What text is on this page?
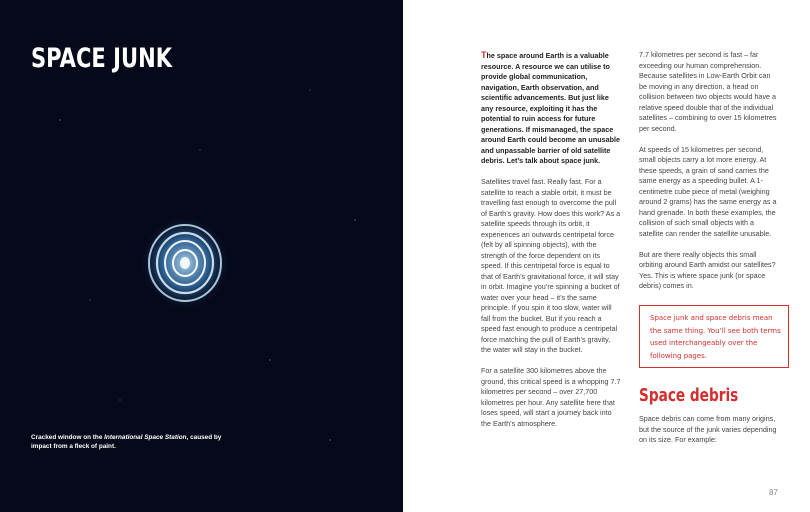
SPACE JUNK
Cracked window on the International Space Station, caused by impact from a fleck of paint.

The space around Earth is a valuable resource. A resource we can utilise to provide global communication, navigation, Earth observation, and scientific advancements. But just like any resource, exploiting it has the potential to ruin access for future generations. If mismanaged, the space around Earth could become an unusable and unpassable barrier of old satellite debris. Let’s talk about space junk.

Satellites travel fast. Really fast. For a satellite to reach a stable orbit, it must be travelling fast enough to overcome the pull of Earth’s gravity. How does this work? As a satellite speeds through its orbit, it experiences an outwards centripetal force (felt by all spinning objects), with the strength of the force dependent on its speed. If this centripetal force is equal to that of Earth’s gravitational force, it will stay in orbit. Imagine you’re spinning a bucket of water over your head – it’s the same principle. If you spin it too slow, water will fall from the bucket. But if you reach a speed fast enough to produce a centripetal force matching the pull of Earth’s gravity, the water will stay in the bucket.

For a satellite 300 kilometres above the ground, this critical speed is a whopping 7.7 kilometres per second – over 27,700 kilometres per hour. Any satellite here that loses speed, will start a journey back into the Earth’s atmosphere.

7.7 kilometres per second is fast – far exceeding our human comprehension. Because satellites in Low-Earth Orbit can be moving in any direction, a head on collision between two objects would have a relative speed double that of the individual satellites – combining to over 15 kilometres per second.

At speeds of 15 kilometres per second, small objects carry a lot more energy. At these speeds, a grain of sand carries the same energy as a speeding bullet. A 1-centimetre cube piece of metal (weighing around 2 grams) has the same energy as a hand grenade. In both these examples, the collision of such small objects with a satellite can render the satellite unusable.

But are there really objects this small orbiting around Earth amidst our satellites? Yes. This is where space junk (or space debris) comes in.

Space junk and space debris mean the same thing. You’ll see both terms used interchangeably over the following pages.
Space debris

Space debris can come from many origins, but the source of the junk varies depending on its size. For example:

87
